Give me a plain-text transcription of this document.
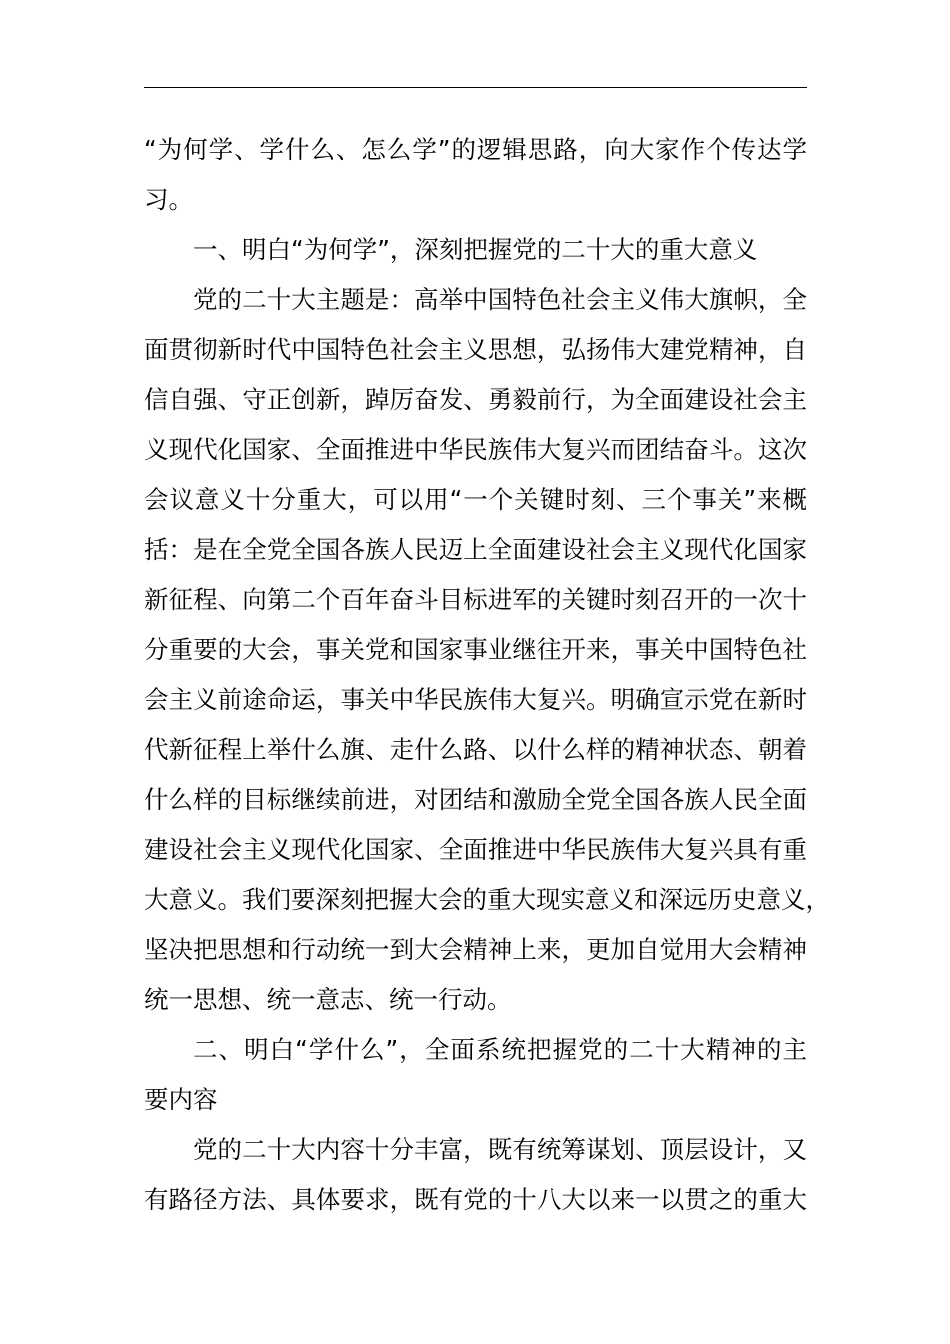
“为何学、学什么、怎么学”的逻辑思路，向大家作个传达学
习。
一、明白“为何学”，深刻把握党的二十大的重大意义
党的二十大主题是：高举中国特色社会主义伟大旗帜，全
面贯彻新时代中国特色社会主义思想，弘扬伟大建党精神，自
信自强、守正创新，踔厉奋发、勇毅前行，为全面建设社会主
义现代化国家、全面推进中华民族伟大复兴而团结奋斗。这次
会议意义十分重大，可以用“一个关键时刻、三个事关”来概
括：是在全党全国各族人民迈上全面建设社会主义现代化国家
新征程、向第二个百年奋斗目标进军的关键时刻召开的一次十
分重要的大会，事关党和国家事业继往开来，事关中国特色社
会主义前途命运，事关中华民族伟大复兴。明确宣示党在新时
代新征程上举什么旗、走什么路、以什么样的精神状态、朝着
什么样的目标继续前进，对团结和激励全党全国各族人民全面
建设社会主义现代化国家、全面推进中华民族伟大复兴具有重
大意义。我们要深刻把握大会的重大现实意义和深远历史意义，
坚决把思想和行动统一到大会精神上来，更加自觉用大会精神
统一思想、统一意志、统一行动。
二、明白“学什么”，全面系统把握党的二十大精神的主
要内容
党的二十大内容十分丰富，既有统筹谋划、顶层设计，又
有路径方法、具体要求，既有党的十八大以来一以贯之的重大
